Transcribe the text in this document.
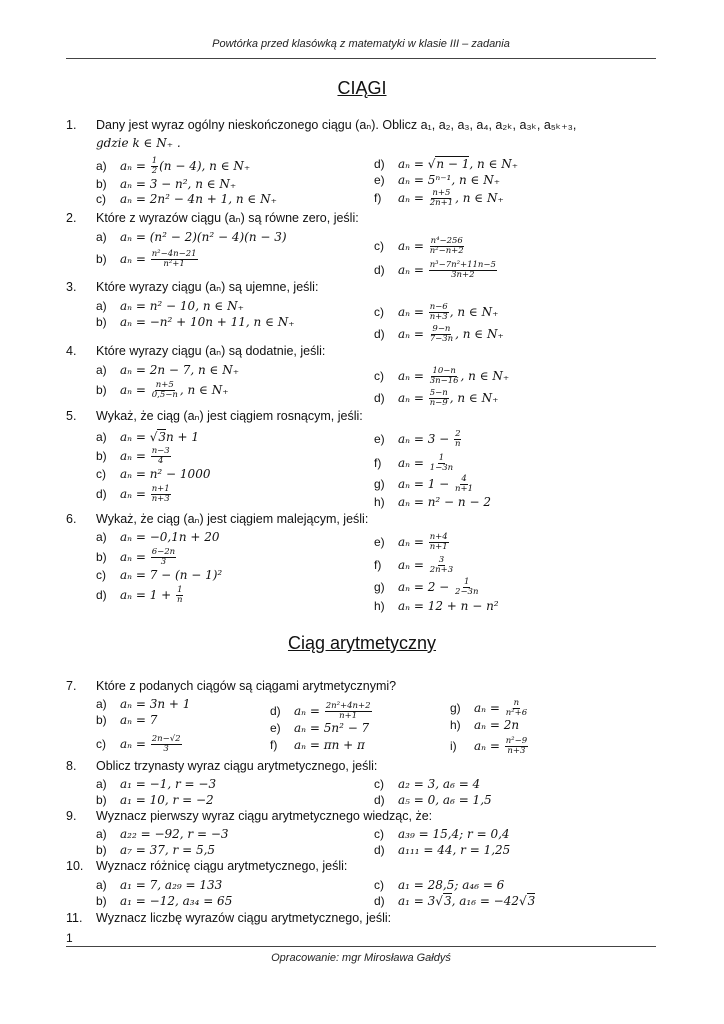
Powtórka przed klasówką z matematyki w klasie III – zadania
CIĄGI
1.	Dany jest wyraz ogólny nieskończonego ciągu (aₙ). Oblicz a₁, a₂, a₃, a₄, a₂ₖ, a₃ₖ, a₅ₖ₊₃,
gdzie k ∈ N₊ .
a) $a_n = \frac{1}{2} (n - 4)$, n ∈ N₊
b) aₙ = 3 − n², n ∈ N₊
c) aₙ = 2n² − 4n + 1, n ∈ N₊
d) aₙ = √n − 1, n ∈ N₊
e) aₙ = 5ⁿ⁻¹, n ∈ N₊
f) $a_n = \frac{n+5}{2n+1}$ , n ∈ N₊
2.	Które z wyrazów ciągu (aₙ) są równe zero, jeśli:
a) aₙ = (n² − 2)(n² − 4)(n − 3)
b) $a_n = \frac{\text{n²−4n−21}}{\text{n²+1}}$
c) $a_n = \frac{\text{n⁴−256}}{\text{n²−n+2}}$
d) $a_n = \frac{\text{n³−7n²+11n−5}}{3n+2}$
3.	Które wyrazy ciągu (aₙ) są ujemne, jeśli:
a) aₙ = n² − 10, n ∈ N₊
b) aₙ = −n² + 10n + 11, n ∈ N₊
c) $a_n = \frac{n-6}{n+3}$ , n ∈ N₊
d) $a_n = \frac{9-n}{7-3n}$ , n ∈ N₊
4.	Które wyrazy ciągu (aₙ) są dodatnie, jeśli:
a) aₙ = 2n − 7, n ∈ N₊
b) $a_n = \frac{n+5}{0,5-n}$ , n ∈ N₊
c) $a_n = \frac{10-n}{3n-16}$ , n ∈ N₊
d) $a_n = \frac{5-n}{n-9}$ , n ∈ N₊
5.	Wykaż, że ciąg (aₙ) jest ciągiem rosnącym, jeśli:
a) aₙ = √3n + 1
b) $a_n = \frac{n-3}{4}$
c) aₙ = n² − 1000
d) $a_n = \frac{n+1}{n+3}$
e) $a_n = 3 - \frac{2}{n}$
f) $a_n = \frac{1}{1-3n}$
g) $a_n = 1 - \frac{4}{n+1}$
h) aₙ = n² − n − 2
6.	Wykaż, że ciąg (aₙ) jest ciągiem malejącym, jeśli:
a) aₙ = −0,1n + 20
b) $a_n = \frac{6-2n}{3}$
c) aₙ = 7 − (n − 1)²
d) $a_n = 1 + \frac{1}{n}$
e) $a_n = \frac{n+4}{n+1}$
f) $a_n = \frac{3}{2n+3}$
g) $a_n = 2 - \frac{1}{2-3n}$
h) aₙ = 12 + n − n²
Ciąg arytmetyczny
7.	Które z podanych ciągów są ciągami arytmetycznymi?
a) aₙ = 3n + 1
b) aₙ = 7
c) $a_n = \frac{2n-√2}{3}$
d) $a_n = \frac{\text{2n²+4n+2}}{n+1}$
e) aₙ = 5n² − 7
f) aₙ = πn + π
g) $a_n = \frac{n}{\text{n²+6}}$
h) aₙ = 2n
i) $a_n = \frac{\text{n²−9}}{n+3}$
8.	Oblicz trzynasty wyraz ciągu arytmetycznego, jeśli:
a) a₁ = −1, r = −3
b) a₁ = 10, r = −2
c) a₂ = 3, a₆ = 4
d) a₅ = 0, a₆ = 1,5
9.	Wyznacz pierwszy wyraz ciągu arytmetycznego wiedząc, że:
a) a₂₂ = −92, r = −3
b) a₇ = 37, r = 5,5
c) a₃₉ = 15,4; r = 0,4
d) a₁₁₁ = 44, r = 1,25
10.	Wyznacz różnicę ciągu arytmetycznego, jeśli:
a) a₁ = 7, a₂₉ = 133
b) a₁ = −12, a₃₄ = 65
c) a₁ = 28,5; a₄₆ = 6
d) a₁ = 3√3, a₁₆ = −42√3
11.	Wyznacz liczbę wyrazów ciągu arytmetycznego, jeśli:
1
Opracowanie: mgr Mirosława Gałdyś
